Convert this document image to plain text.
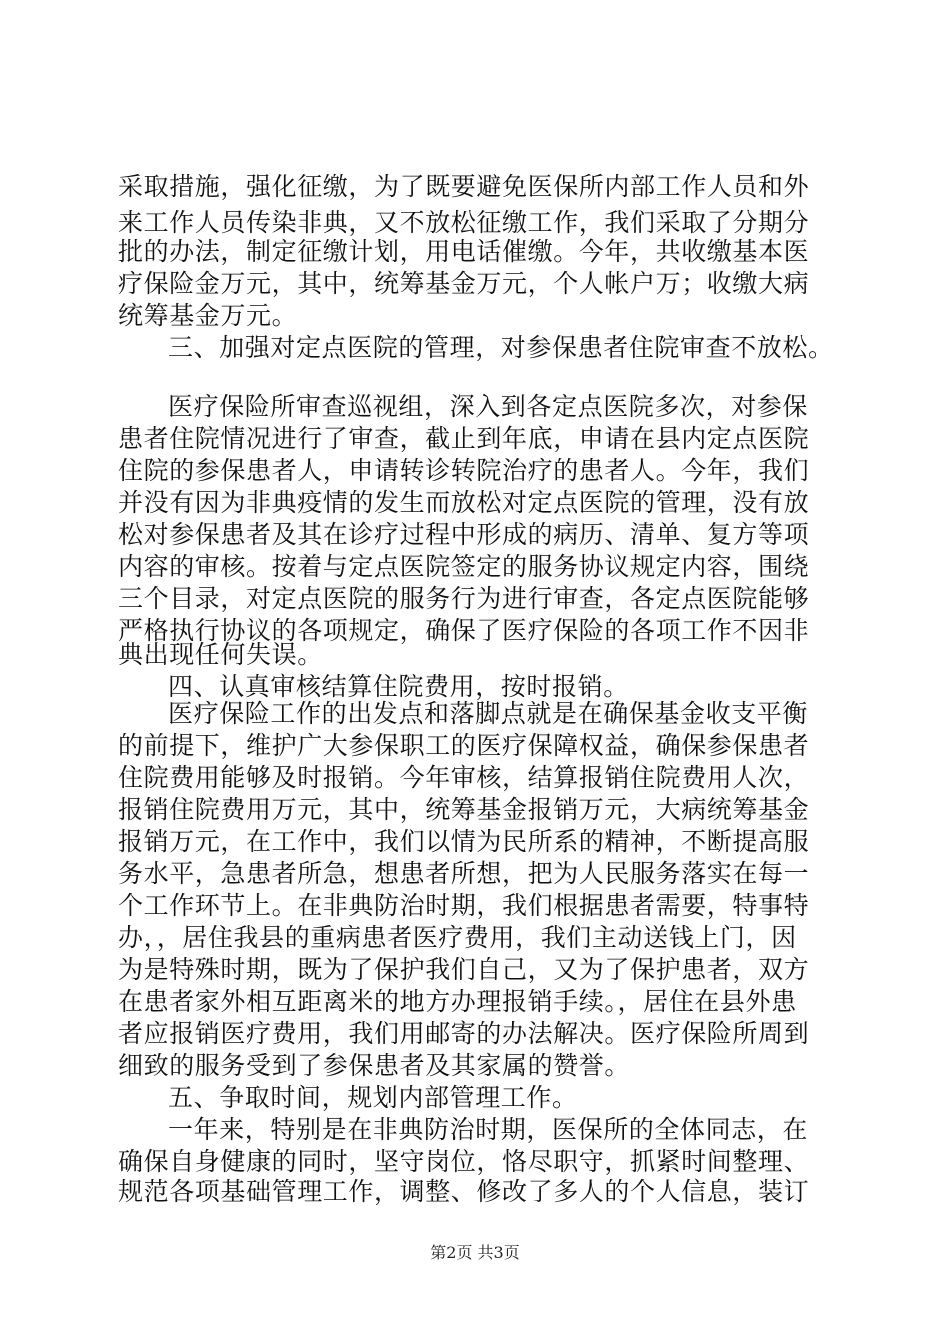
采取措施，强化征缴，为了既要避免医保所内部工作人员和外
来工作人员传染非典，又不放松征缴工作，我们采取了分期分
批的办法，制定征缴计划，用电话催缴。今年，共收缴基本医
疗保险金万元，其中，统筹基金万元，个人帐户万；收缴大病
统筹基金万元。
三、加强对定点医院的管理，对参保患者住院审查不放松。
医疗保险所审查巡视组，深入到各定点医院多次，对参保
患者住院情况进行了审查，截止到年底，申请在县内定点医院
住院的参保患者人，申请转诊转院治疗的患者人。今年，我们
并没有因为非典疫情的发生而放松对定点医院的管理，没有放
松对参保患者及其在诊疗过程中形成的病历、清单、复方等项
内容的审核。按着与定点医院签定的服务协议规定内容，围绕
三个目录，对定点医院的服务行为进行审查，各定点医院能够
严格执行协议的各项规定，确保了医疗保险的各项工作不因非
典出现任何失误。
四、认真审核结算住院费用，按时报销。
医疗保险工作的出发点和落脚点就是在确保基金收支平衡
的前提下，维护广大参保职工的医疗保障权益，确保参保患者
住院费用能够及时报销。今年审核，结算报销住院费用人次，
报销住院费用万元，其中，统筹基金报销万元，大病统筹基金
报销万元，在工作中，我们以情为民所系的精神，不断提高服
务水平，急患者所急，想患者所想，把为人民服务落实在每一
个工作环节上。在非典防治时期，我们根据患者需要，特事特
办，，居住我县的重病患者医疗费用，我们主动送钱上门，因
为是特殊时期，既为了保护我们自己，又为了保护患者，双方
在患者家外相互距离米的地方办理报销手续。，居住在县外患
者应报销医疗费用，我们用邮寄的办法解决。医疗保险所周到
细致的服务受到了参保患者及其家属的赞誉。
五、争取时间，规划内部管理工作。
一年来，特别是在非典防治时期，医保所的全体同志，在
确保自身健康的同时，坚守岗位，恪尽职守，抓紧时间整理、
规范各项基础管理工作，调整、修改了多人的个人信息，装订
第2页 共3页
